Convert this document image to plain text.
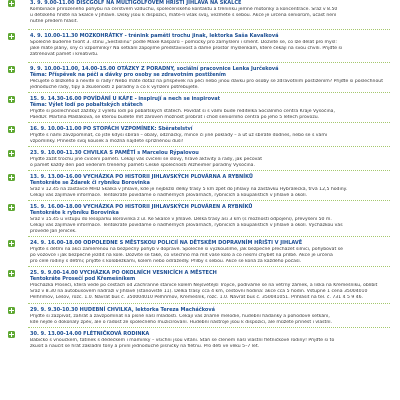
3. 9. 9.00-11.00 DISCGOLF NA MULTIGOLFOVÉM HŘIŠTI JIHLAVA NA SKALCE
Kombinace přirozeného pohybu na čerstvém vzduchu, společenského kontaktu a tréninku jemné motoriky a koncentrace. Sraz v 8.50
u dětského hřiště na Skalce v Jihlavě. Disky jsou k dispozici, máte-li však svůj, vezměte s sebou. Akce je určena seniorům, účast není
nutné předem hlásit.
4. 9. 10.00-11.30 MOZKOHRÁTKY - trénink paměti trochu jinak, lektorka Saša Kavalková
Společně budeme tvořit 3. stinu „Šestislinu" podle Maxe Kašparů – pomůcky pro zamyšlení i směnt. Dozvíte se, co lze dělat pro mysl:
jaké máte plány, sny či vzpomínky? Na setkání zapojíme představivost a dáme prostor myšlenkám, které čekají na svou chvíli. Přijďte si
zatrénovat paměť i kreativitu.
9. 9. 10.00-11.00, 14.00-15.00 OTÁZKY Z PORADNY, sociální pracovnice Lenka Jurčeková
Téma: Příspěvek na péči a dávky pro osoby se zdravotním postižením
Pečujete o blízkého a nevíte si rady? Nebo máte dotaz na příspěvek na péči nebo jinou dávku pro osoby se zdravotním postižením? Přijďte si poslechnout
jednoduché rady, tipy a zkušenosti z poradny a co k vyřízení potřebujete.
15. 9. 14.30-16.00 POVÍDÁNÍ U KÁFE - inspirují a nech se inspirovat
Téma: Výlet lodí po pobaltských státech
Přijďte si poslechnout zážitky z výletu lodí po pobaltských státech. Povídat si s vámi bude ředitelka Sociálního centra Kraje Vysočina,
PaedDr. Martina Mašláková, se kterou budete mít zároveň možnost probrat i chod seniorního centra po jeho 5 letech provozu.
16. 9. 10.00-11.00 PO STOPÁCH VZPOMÍNEK: Sběratelství
Přijďte s námi zavzpomínat, co jste kdysi sbírali – obaly, odznáčky, mince či jiné poklady – a uť už sbíráte dodnes, nebo se s vámi
vzpomínky. Přineste svůj kousek a možná najdete spřízněnou duši!
23. 9. 10.00-11.30 CHVILKA S PAMĚTÍ s Marcelou Rýpalovou
Přijďte zažít trochu jiné cvičení paměti. Čekají vás cvičení se slovy, hravé aktivity a rady, jak pečovat
o paměť každý den pod vedením trenérky paměti České společnosti AIzheimer poradny Vysočina.
13. 9. 13.00-16.00 VYCHÁZKA PO HISTORII JIHLAVSKÝCH PLOVÁRNA A RYBNÍKŮ
Tentokráte se Ždarek či rybníku Borovinka
Sraz v 12.45 na zastávce MHD Skalka v Jihlavě, kde je nejbližší délky trasy 5 km zpět do Jihlavy na zastávku Hybrálecká, trvá 12,5 hodiny.
Čekají vás zajímavé informace. Tentokráte povídáme o nádhěrných plovárnách, rybnících a koupalištích v Jihlavě a okolí.
15. 9. 16.00-18.00 VYCHÁZKA PO HISTORII JIHLAVSKÝCH PLOVÁREN A RYBNÍKŮ
Tentokráte k rybníku Borovinka
Sraz v 15.45 u vstupu do lesoparku Borovinka z ul. Ke Skalce v Jihlavě. Délka trasy asi 3 km (s možností odpojení), převýšení 50 m.
Čekají vás zajímavé informace. Tentokráte povídáme o nádhěrných plovárnách, rybnících a koupalištích v Jihlavě a okolí. Vycházkou vás
provede Jan Jeníček.
24. 9. 16.00-18.00 ODPOLEDNE S MĚSTSKOU POLICIÍ NA DĚTSKÉM DOPRAVNÍM HŘIŠTI V JIHLAVĚ
Přijďte s dětmi na akci zaměřenou na bezpečný pohyb v dopravě. Společně si vyzkoušíme, jak bezpečně přecházet silnici, pohybovat se
po vozovce i jak bezpečně jezdit na kole. Dozvíte se také, co všechno má mít vaše kolo a co nesmí chybět na přilbě. Akce je určena
pro celé rodiny s dětmi; přijďte s koloběžkami, kolem nebo odrážedly. Přilby s sebou. Akce se koná za každého počasí.
25. 9. 9.00-14.00 VYCHÁZKA PO OKOLNÍCH VESNICÍCH A MĚSTECH
Tentokráte Prosečí pod Křemešníkem
Procházka Prosečí, která vede po cestách od Záchranné stanice kolem Nejsvětější Trojice, podíváme se na větrný zámek, a liška na Křemešníku, oblíbit
Sraz v 8.30 na autobusovém nádraží v Jihlavě (stanoviště 11). Délka trasy cca 4 km, cestovní hodina: akce cca 5 hodin. Vstupné 1 cena 35004010
Pelhřimov, Lešov, rozc. 1.0. Návrat bus č. 350004010 Pelhřimov, Křemešník, rozc. 1.0. Návrat bus č. 350041051. Přihlásit na tel. č. 731 4 5 9 46.
29. 9. 9.30-10.30 HUDEBNÍ CHVILKA, lektorka Tereza Macháčková
Přijďte si zazpívat, zahrát a zavzpomínat na písně naší mladosti. Čekají vás známé melodie, hudební hádanky a pohodové setkání,
kde nejde o dokonalý zpěv, ale o radost ze společného muzicírování. Hudební nástroje jsou k dispozici, ale můžete přinést i vlastní.
30. 9. 13.00-14.00 FLÉTNIČKOVÁ RODINKA
Babičko s vnoučkem, tatínek s dědečkem i maminky – všichni jsou vítáni. Staň se členem naší vlastní flétničkové rodiny! Přijďte si to
zkusit a naučit se hrát základní tóny a první jednoduché písničky na flétnu. Pro děti ve věku 5–7 let.
